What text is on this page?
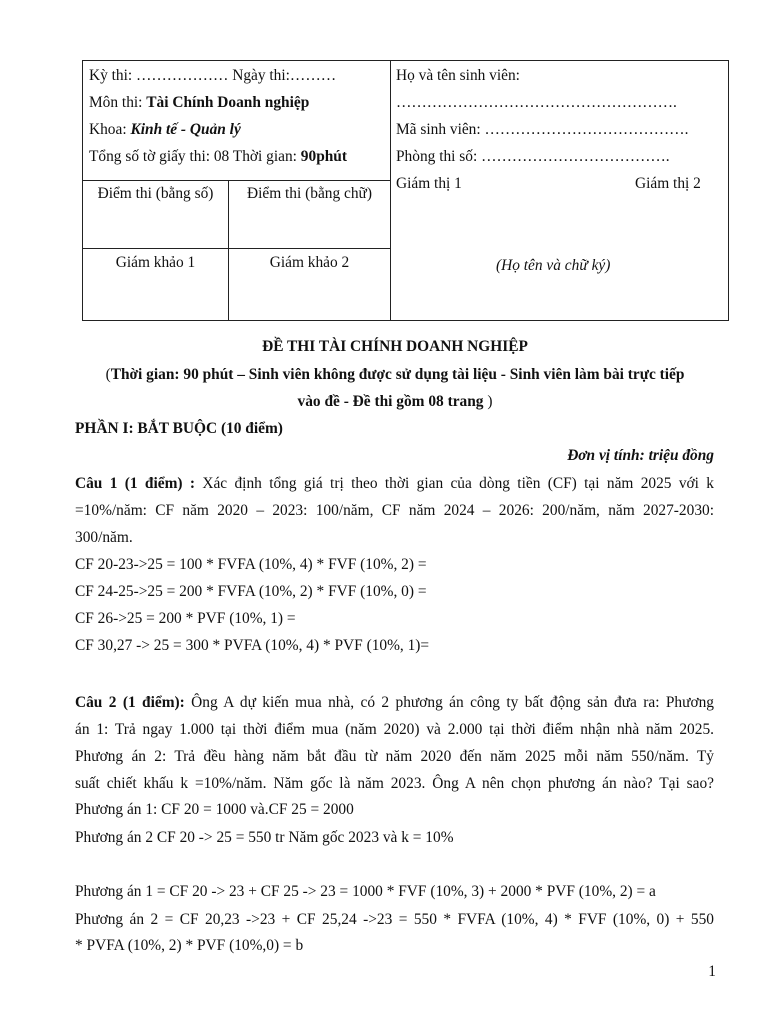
Kỳ thi: ……………… Ngày thi:………
Môn thi: Tài Chính Doanh nghiệp
Khoa: Kinh tế - Quản lý
Tổng số tờ giấy thi: 08 Thời gian: 90phút
Điểm thi (bằng số)	Điểm thi (bằng chữ)
Giám khảo 1	Giám khảo 2
Họ và tên sinh viên:
……………………………………………….
Mã sinh viên: ………………………………….
Phòng thi số: ……………………………….
Giám thị 1	Giám thị 2
(Họ tên và chữ ký)
ĐỀ THI TÀI CHÍNH DOANH NGHIỆP
(Thời gian: 90 phút – Sinh viên không được sử dụng tài liệu - Sinh viên làm bài trực tiếp
vào đề - Đề thi gồm 08 trang )
PHẦN I: BẮT BUỘC (10 điểm)
Đơn vị tính: triệu đồng
Câu 1 (1 điểm) : Xác định tổng giá trị theo thời gian của dòng tiền (CF) tại năm 2025 với k
=10%/năm: CF năm 2020 – 2023: 100/năm, CF năm 2024 – 2026: 200/năm, năm 2027-2030:
300/năm.
CF 20-23->25 = 100 * FVFA (10%, 4) * FVF (10%, 2) =
CF 24-25->25 = 200 * FVFA (10%, 2) * FVF (10%, 0) =
CF 26->25 = 200 * PVF (10%, 1) =
CF 30,27 -> 25 = 300 * PVFA (10%, 4) * PVF (10%, 1)=
Câu 2 (1 điểm): Ông A dự kiến mua nhà, có 2 phương án công ty bất động sản đưa ra: Phương
án 1: Trả ngay 1.000 tại thời điểm mua (năm 2020) và 2.000 tại thời điểm nhận nhà năm 2025.
Phương án 2: Trả đều hàng năm bắt đầu từ năm 2020 đến năm 2025 mỗi năm 550/năm. Tỷ
suất chiết khấu k =10%/năm. Năm gốc là năm 2023. Ông A nên chọn phương án nào? Tại sao?
Phương án 1: CF 20 = 1000 và.CF 25 = 2000
Phương án 2 CF 20 -> 25 = 550 tr Năm gốc 2023 và k = 10%
Phương án 1 = CF 20 -> 23 + CF 25 -> 23 = 1000 * FVF (10%, 3) + 2000 * PVF (10%, 2) = a
Phương án 2 = CF 20,23 ->23 + CF 25,24 ->23 = 550 * FVFA (10%, 4) * FVF (10%, 0) + 550
* PVFA (10%, 2) * PVF (10%,0) = b
1
